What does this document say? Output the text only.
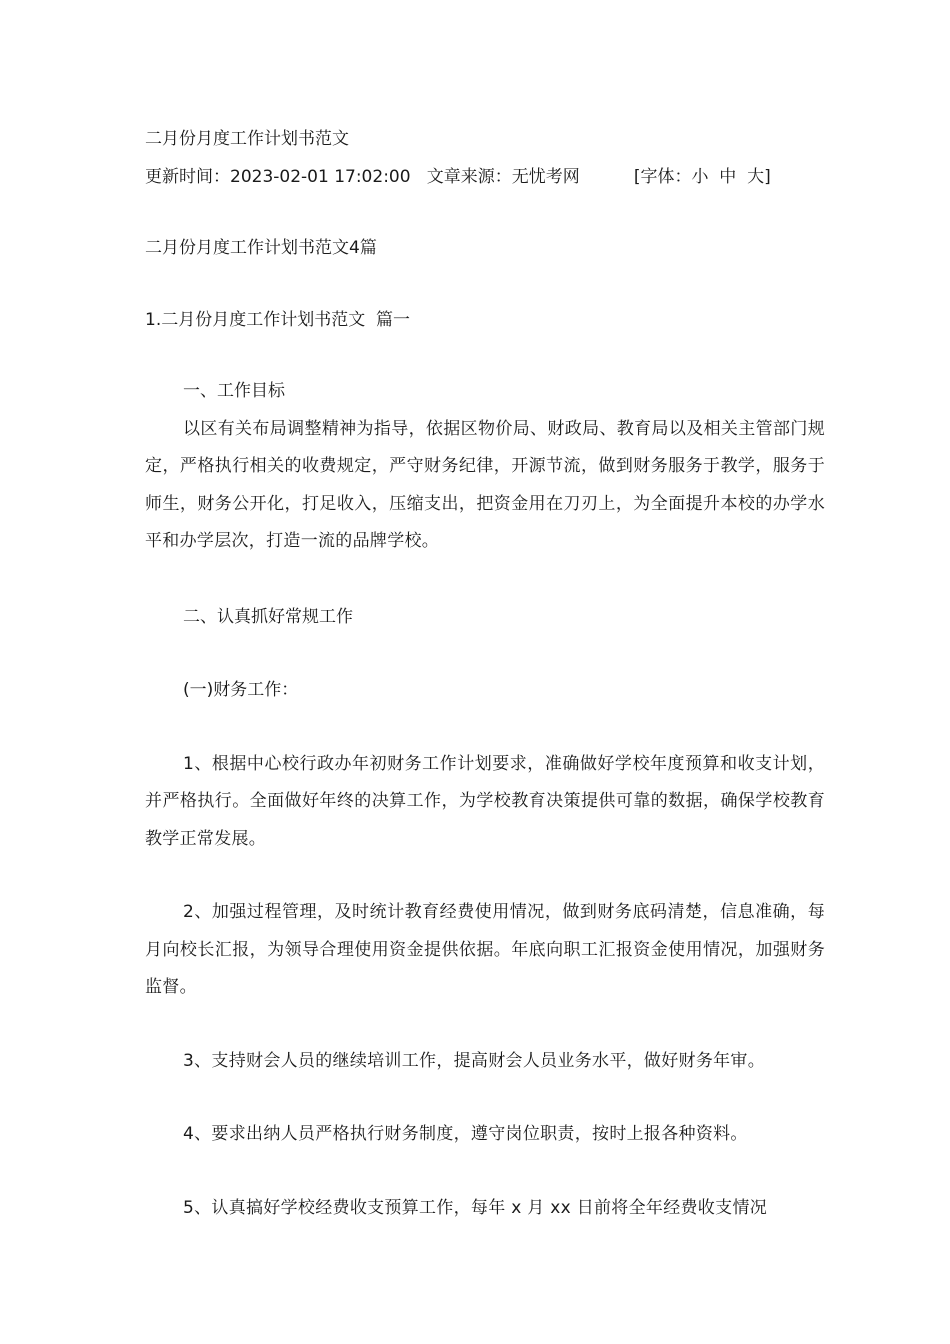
二月份月度工作计划书范文
更新时间：2023-02-01 17:02:00 文章来源：无忧考网	[字体：小 中 大]
二月份月度工作计划书范文4篇
1.二月份月度工作计划书范文  篇一
一、工作目标

以区有关布局调整精神为指导，依据区物价局、财政局、教育局以及相关主管部门规定，严格执行相关的收费规定，严守财务纪律，开源节流，做到财务服务于教学，服务于师生，财务公开化，打足收入，压缩支出，把资金用在刀刃上，为全面提升本校的办学水平和办学层次，打造一流的品牌学校。

二、认真抓好常规工作
(一)财务工作：

1、根据中心校行政办年初财务工作计划要求，准确做好学校年度预算和收支计划，并严格执行。全面做好年终的决算工作，为学校教育决策提供可靠的数据，确保学校教育教学正常发展。

2、加强过程管理，及时统计教育经费使用情况，做到财务底码清楚，信息准确，每月向校长汇报，为领导合理使用资金提供依据。年底向职工汇报资金使用情况，加强财务监督。

3、支持财会人员的继续培训工作，提高财会人员业务水平，做好财务年审。

4、要求出纳人员严格执行财务制度，遵守岗位职责，按时上报各种资料。

5、认真搞好学校经费收支预算工作，每年 x 月 xx 日前将全年经费收支情况
